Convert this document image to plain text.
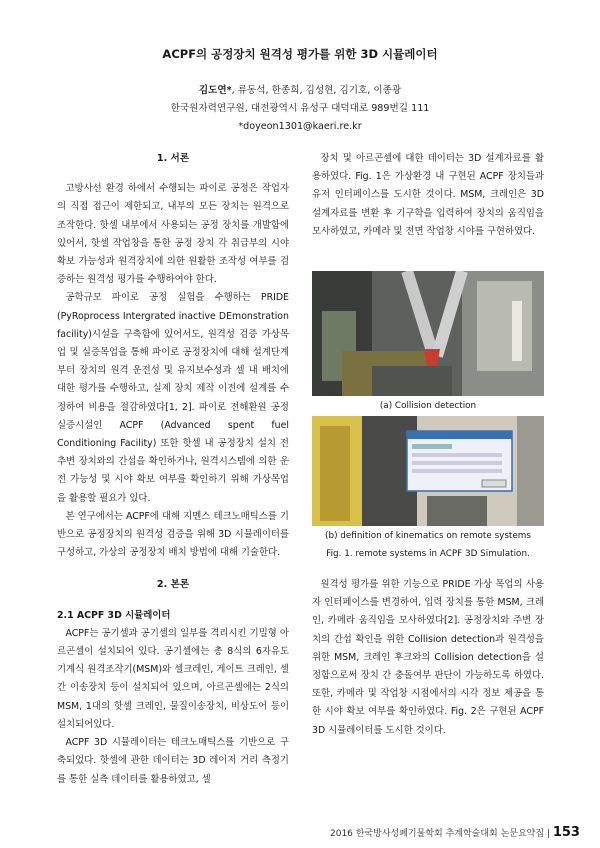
ACPF의 공정장치 원격성 평가를 위한 3D 시뮬레이터
김도연*, 류동석, 한종희, 김성현, 김기호, 이종광
한국원자력연구원, 대전광역시 유성구 대덕대로 989번길 111
*doyeon1301@kaeri.re.kr
1. 서론

고방사선 환경 하에서 수행되는 파이로 공정은 작업자의 직접 접근이 제한되고, 내부의 모든 장치는 원격으로 조작한다. 핫셀 내부에서 사용되는 공정 장치를 개발함에 있어서, 핫셀 작업창을 통한 공정 장치 각 취급부의 시야 확보 가능성과 원격장치에 의한 원활한 조작성 여부를 검증하는 원격성 평가를 수행하여야 한다.

공학규모 파이로 공정 실험을 수행하는 PRIDE (PyRoprocess Intergrated inactive DEmonstration facility)시설을 구축함에 있어서도, 원격성 검증 가상목업 및 실증목업을 통해 파이로 공정장치에 대해 설계단계부터 장치의 원격 운전성 및 유지보수성과 셀 내 배치에 대한 평가를 수행하고, 실제 장치 제작 이전에 설계를 수정하여 비용을 절감하였다[1, 2]. 파이로 전해환원 공정 실증시설인 ACPF (Advanced spent fuel Conditioning Facility) 또한 핫셀 내 공정장치 설치 전 추변 장치와의 간섭을 확인하거나, 원격시스템에 의한 운전 가능성 및 시야 확보 여부를 확인하기 위해 가상목업을 활용할 필요가 있다.

본 연구에서는 ACPF에 대해 지멘스 테크노매틱스를 기반으로 공정장치의 원격성 검증을 위해 3D 시뮬레이터를 구성하고, 가상의 공정장치 배치 방법에 대해 기술한다.

2. 본론
2.1 ACPF 3D 시뮬레이터

ACPF는 공기셀과 공기셀의 일부를 격리시킨 기밀형 아르곤셀이 설치되어 있다. 공기셀에는 총 8식의 6자유도 기계식 원격조작기(MSM)와 셀크레인, 게이트 크레인, 셀 간 이송장치 등이 설치되어 있으며, 아르곤셀에는 2식의 MSM, 1대의 핫셀 크레인, 물질이송장치, 비상도어 등이 설치되어있다.

ACPF 3D 시뮬레이터는 테크노매틱스를 기반으로 구축되었다. 핫셀에 관한 데이터는 3D 레이저 거리 측정기를 통한 실측 데이터를 활용하였고, 셀

장치 및 아르곤셀에 대한 데이터는 3D 설계자료를 활용하였다. Fig. 1은 가상환경 내 구현된 ACPF 장치들과 유저 인터페이스를 도시한 것이다. MSM, 크레인은 3D 설계자료를 변환 후 기구학을 입력하여 장치의 움직임을 모사하였고, 카메라 및 전면 작업창 시야를 구현하였다.

(a) Collision detection
(b) definition of kinematics on remote systems
Fig. 1. remote systems in ACPF 3D Simulation.

원격성 평가를 위한 기능으로 PRIDE 가상 목업의 사용자 인터페이스를 변경하여, 입력 장치를 통한 MSM, 크레인, 카메라 움직임을 모사하였다[2]. 공정장치와 주변 장치의 간섭 확인을 위한 Collision detection과 원격성을 위한 MSM, 크레인 후크와의 Collision detection을 설정함으로써 장치 간 충돌여부 판단이 가능하도록 하였다. 또한, 카메라 및 작업창 시점에서의 시각 정보 제공을 통한 시야 확보 여부를 확인하였다. Fig. 2은 구현된 ACPF 3D 시뮬레이터를 도시한 것이다.

2016 한국방사성폐기물학회 추계학술대회 논문요약집 | 153
